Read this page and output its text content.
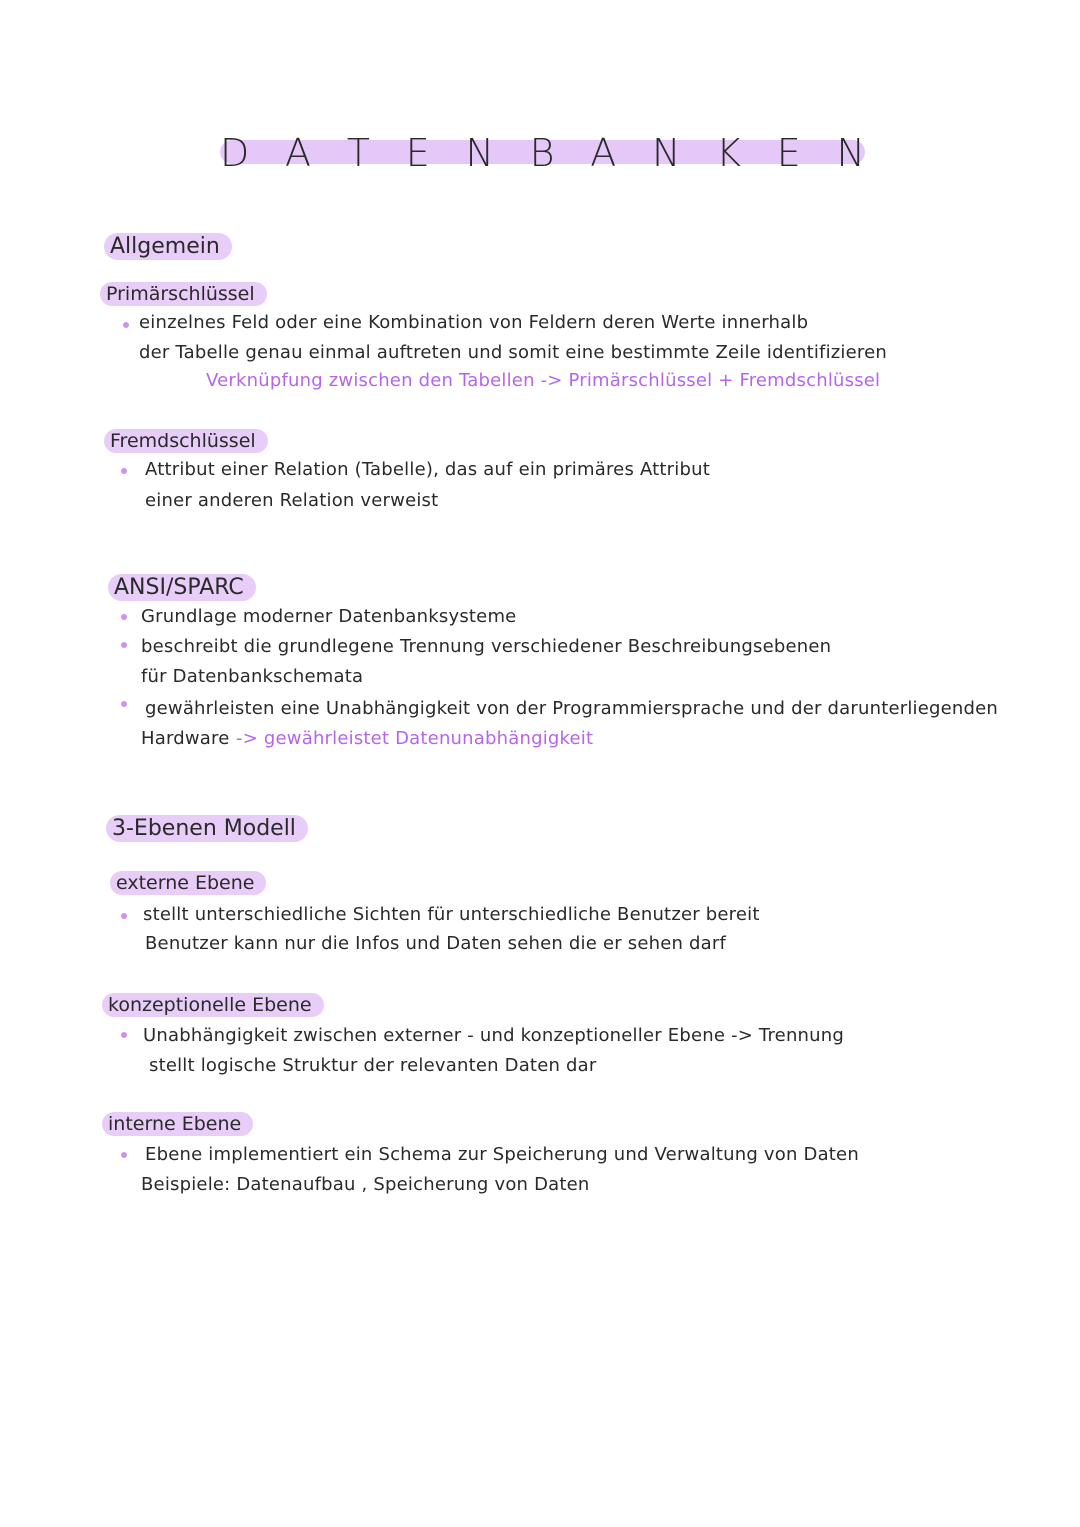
D A T E N B A N K E N
Allgemein
Primärschlüssel
einzelnes Feld oder eine Kombination von Feldern deren Werte innerhalb
der Tabelle genau einmal auftreten und somit eine bestimmte Zeile identifizieren
Verknüpfung zwischen den Tabellen -> Primärschlüssel + Fremdschlüssel
Fremdschlüssel
Attribut einer Relation (Tabelle), das auf ein primäres Attribut
einer anderen Relation verweist
ANSI/SPARC
Grundlage moderner Datenbanksysteme
beschreibt die grundlegene Trennung verschiedener Beschreibungsebenen
für Datenbankschemata
gewährleisten eine Unabhängigkeit von der Programmiersprache und der darunterliegenden
Hardware -> gewährleistet Datenunabhängigkeit
3-Ebenen Modell
externe Ebene
stellt unterschiedliche Sichten für unterschiedliche Benutzer bereit
Benutzer kann nur die Infos und Daten sehen die er sehen darf
konzeptionelle Ebene
Unabhängigkeit zwischen externer - und konzeptioneller Ebene -> Trennung
stellt logische Struktur der relevanten Daten dar
interne Ebene
Ebene implementiert ein Schema zur Speicherung und Verwaltung von Daten
Beispiele: Datenaufbau , Speicherung von Daten
